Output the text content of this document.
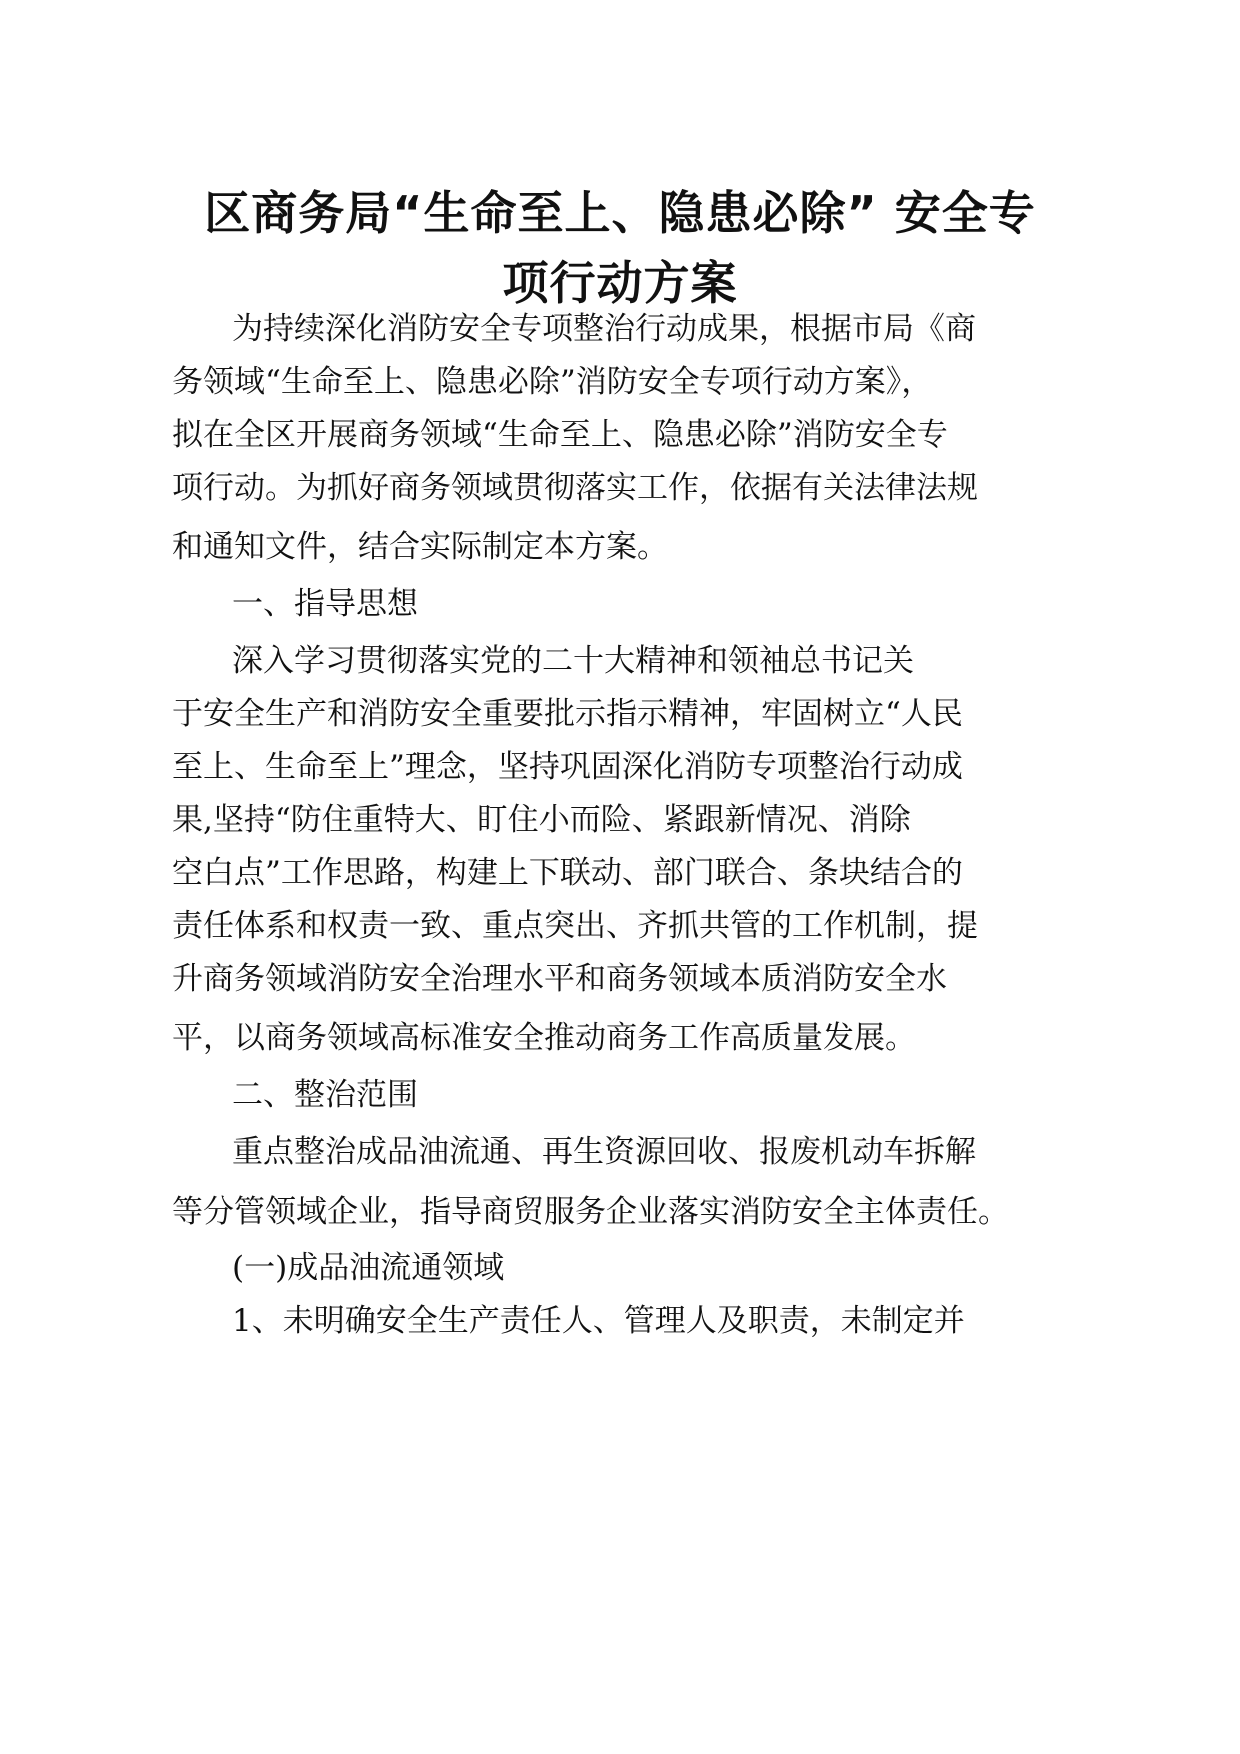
区商务局“生命至上、隐患必除” 安全专
项行动方案

为持续深化消防安全专项整治行动成果，根据市局《商

务领域“生命至上、隐患必除”消防安全专项行动方案》，

拟在全区开展商务领域“生命至上、隐患必除”消防安全专

项行动。为抓好商务领域贯彻落实工作，依据有关法律法规

和通知文件，结合实际制定本方案。

一、指导思想

深入学习贯彻落实党的二十大精神和领袖总书记关

于安全生产和消防安全重要批示指示精神，牢固树立“人民

至上、生命至上”理念，坚持巩固深化消防专项整治行动成

果,坚持“防住重特大、盯住小而险、紧跟新情况、消除

空白点”工作思路，构建上下联动、部门联合、条块结合的

责任体系和权责一致、重点突出、齐抓共管的工作机制，提

升商务领域消防安全治理水平和商务领域本质消防安全水

平，以商务领域高标准安全推动商务工作高质量发展。

二、整治范围

重点整治成品油流通、再生资源回收、报废机动车拆解

等分管领域企业，指导商贸服务企业落实消防安全主体责任。

(一)成品油流通领域

1、未明确安全生产责任人、管理人及职责，未制定并
